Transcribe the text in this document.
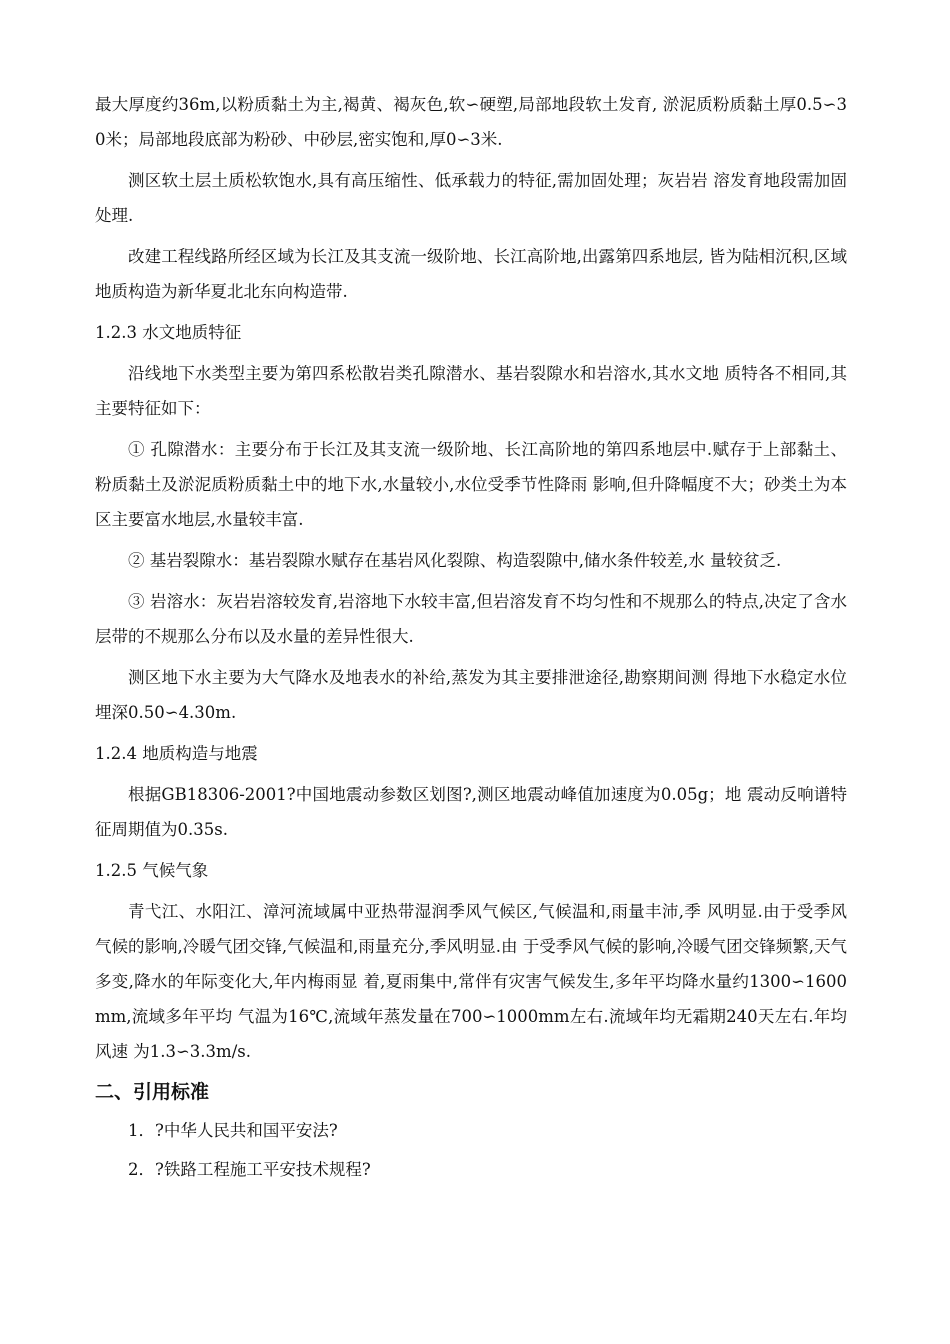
最大厚度约36m,以粉质黏土为主,褐黄、褐灰色,软∽硬塑,局部地段软土发育, 淤泥质粉质黏土厚0.5∽30米；局部地段底部为粉砂、中砂层,密实饱和,厚0∽3米.

测区软土层土质松软饱水,具有高压缩性、低承载力的特征,需加固处理；灰岩岩 溶发育地段需加固处理.

改建工程线路所经区域为长江及其支流一级阶地、长江高阶地,出露第四系地层, 皆为陆相沉积,区域地质构造为新华夏北北东向构造带.

1.2.3 水文地质特征

沿线地下水类型主要为第四系松散岩类孔隙潜水、基岩裂隙水和岩溶水,其水文地 质特各不相同,其主要特征如下：

① 孔隙潜水：主要分布于长江及其支流一级阶地、长江高阶地的第四系地层中.赋存于上部黏土、粉质黏土及淤泥质粉质黏土中的地下水,水量较小,水位受季节性降雨 影响,但升降幅度不大；砂类土为本区主要富水地层,水量较丰富.

② 基岩裂隙水：基岩裂隙水赋存在基岩风化裂隙、构造裂隙中,储水条件较差,水 量较贫乏.

③ 岩溶水：灰岩岩溶较发育,岩溶地下水较丰富,但岩溶发育不均匀性和不规那么的特点,决定了含水层带的不规那么分布以及水量的差异性很大.

测区地下水主要为大气降水及地表水的补给,蒸发为其主要排泄途径,勘察期间测 得地下水稳定水位埋深0.50∽4.30m.

1.2.4 地质构造与地震

根据GB18306-2001?中国地震动参数区划图?,测区地震动峰值加速度为0.05g；地 震动反响谱特征周期值为0.35s.

1.2.5 气候气象

青弋江、水阳江、漳河流域属中亚热带湿润季风气候区,气候温和,雨量丰沛,季 风明显.由于受季风气候的影响,冷暖气团交锋,气候温和,雨量充分,季风明显.由 于受季风气候的影响,冷暖气团交锋频繁,天气多变,降水的年际变化大,年内梅雨显 着,夏雨集中,常伴有灾害气候发生,多年平均降水量约1300∽1600mm,流域多年平均 气温为16℃,流域年蒸发量在700∽1000mm左右.流域年均无霜期240天左右.年均风速 为1.3∽3.3m/s.

二、引用标准
1．?中华人民共和国平安法?
2．?铁路工程施工平安技术规程?
